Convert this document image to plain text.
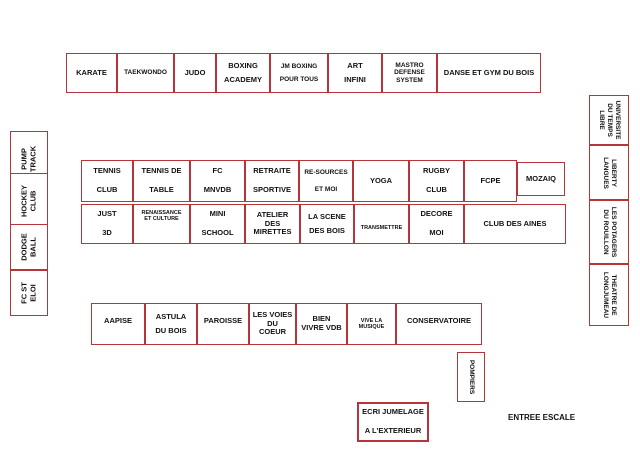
KARATE	TAEKWONDO JUDO
BOXING
ACADEMY
JM BOXING
POUR TOUS
ART
INFINI
MASTRO
DEFENSE
SYSTEM
DANSE ET GYM DU BOIS
TENNIS
CLUB
TENNIS DE
TABLE
FC
MNVDB
RETRAITE
SPORTIVE
RE-SOURCES
ET MOI
YOGA
RUGBY
CLUB
FCPE	MOZAIQ
JUST
3D
RENAISSANCE
ET CULTURE
MINI
SCHOOL
ATELIER
DES
MIRETTES
LA SCENE
DES BOIS	TRANSMETTRE
DECORE
MOI
CLUB DES AINES
AAPISE	ASTULA
DU BOIS
PAROISSE
LES VOIES
DU
COEUR
BIEN
VIVRE VDB
VIVE LA
MUSIQUE
CONSERVATOIRE
PUMP TRACK
HOCKEY CLUB
DODGE BALL
FC ST ELOI
UNIVERSITE
DU TEMPS
LIBRE
LIBERTY
LANGUES
LES POTAGERS
DU ROUILLON
THEATRE DE
LONGJUMEAU
POMPIERS
ECRI JUMELAGE
A L'EXTERIEUR
ENTREE ESCALE
